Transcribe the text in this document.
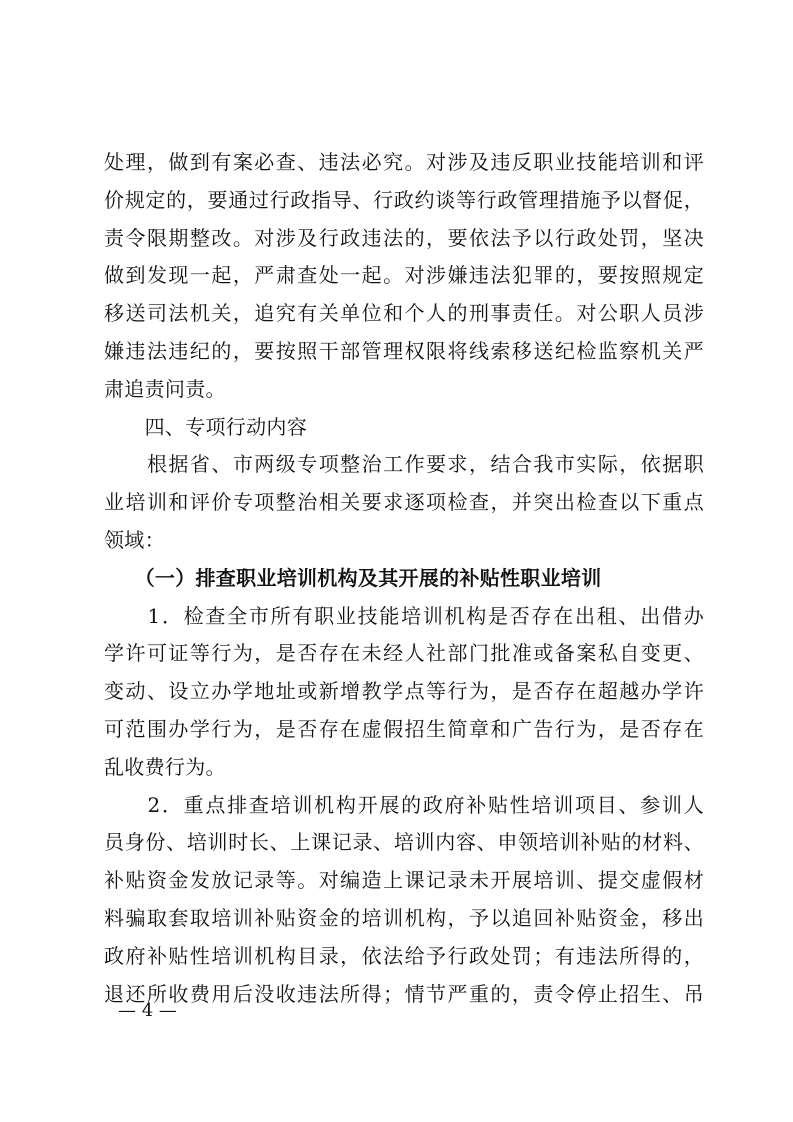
处理，做到有案必查、违法必究。对涉及违反职业技能培训和评
价规定的，要通过行政指导、行政约谈等行政管理措施予以督促，
责令限期整改。对涉及行政违法的，要依法予以行政处罚，坚决
做到发现一起，严肃查处一起。对涉嫌违法犯罪的，要按照规定
移送司法机关，追究有关单位和个人的刑事责任。对公职人员涉
嫌违法违纪的，要按照干部管理权限将线索移送纪检监察机关严
肃追责问责。
　　四、专项行动内容
　　根据省、市两级专项整治工作要求，结合我市实际，依据职
业培训和评价专项整治相关要求逐项检查，并突出检查以下重点
领域：
　　（一）排查职业培训机构及其开展的补贴性职业培训
　　1．检查全市所有职业技能培训机构是否存在出租、出借办
学许可证等行为，是否存在未经人社部门批准或备案私自变更、
变动、设立办学地址或新增教学点等行为，是否存在超越办学许
可范围办学行为，是否存在虚假招生简章和广告行为，是否存在
乱收费行为。
　　2．重点排查培训机构开展的政府补贴性培训项目、参训人
员身份、培训时长、上课记录、培训内容、申领培训补贴的材料、
补贴资金发放记录等。对编造上课记录未开展培训、提交虚假材
料骗取套取培训补贴资金的培训机构，予以追回补贴资金，移出
政府补贴性培训机构目录，依法给予行政处罚；有违法所得的，
退还所收费用后没收违法所得；情节严重的，责令停止招生、吊
— 4 —
